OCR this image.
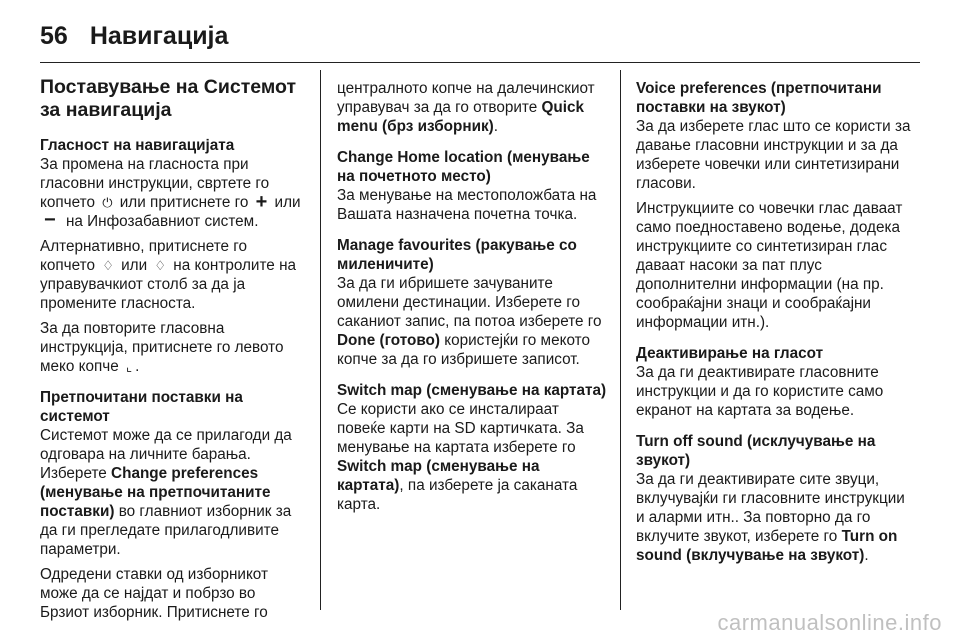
56 Навигација
Поставување на Системот за навигација
Гласност на навигацијата

За промена на гласноста при гласовни инструкции, свртете го копчето ⏻ или притиснете го + или − на Инфозабавниот систем.

Алтернативно, притиснете го копчето ♢ или ♢ на контролите на управувачкиот столб за да ја промените гласноста.

За да повторите гласовна инструкција, притиснете го левото меко копче ⌞ .

Претпочитани поставки на системот

Системот може да се прилагоди да одговара на личните барања. Изберете Change preferences (менување на претпочитаните поставки) во главниот изборник за да ги прегледате прилагодливите параметри.

Одредени ставки од изборникот може да се најдат и побрзо во Брзиот изборник. Притиснете го

централното копче на далечинскиот управувач за да го отворите Quick menu (брз изборник).

Change Home location (менување на почетното место)

За менување на местоположбата на Вашата назначена почетна точка.

Manage favourites (ракување со миленичите)

За да ги ибришете зачуваните омилени дестинации. Изберете го саканиот запис, па потоа изберете го Done (готово) користејќи го мекото копче за да го избришете записот.

Switch map (сменување на картата)

Се користи ако се инсталираат повеќе карти на SD картичката. За менување на картата изберете го Switch map (сменување на картата), па изберете ја саканата карта.

Voice preferences (претпочитани поставки на звукот)

За да изберете глас што се користи за давање гласовни инструкции и за да изберете човечки или синтетизирани гласови.

Инструкциите со човечки глас даваат само поедноставено водење, додека инструкциите со синтетизиран глас даваат насоки за пат плус дополнителни информации (на пр. сообраќајни знаци и сообраќајни информации итн.).

Деактивирање на гласот

За да ги деактивирате гласовните инструкции и да го користите само екранот на картата за водење.

Turn off sound (исклучување на звукот)

За да ги деактивирате сите звуци, вклучувајќи ги гласовните инструкции и аларми итн.. За повторно да го вклучите звукот, изберете го Turn on sound (вклучување на звукот).

carmanualsonline.info
